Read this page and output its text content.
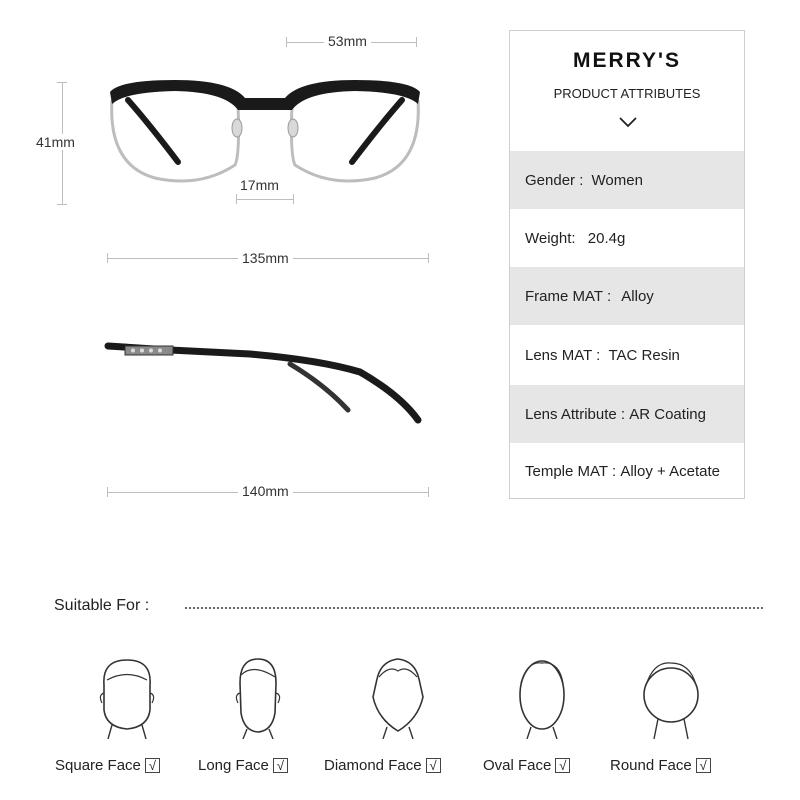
53mm
41mm
17mm
135mm
140mm
MERRY'S
PRODUCT ATTRIBUTES
Gender :
Women
Weight:
20.4g
Frame MAT :
Alloy
Lens MAT :
TAC Resin
Lens Attribute :
AR Coating
Temple MAT :
Alloy + Acetate
Suitable For :
Square Face √	Long Face √	Diamond Face √	Oval Face √	Round Face √
